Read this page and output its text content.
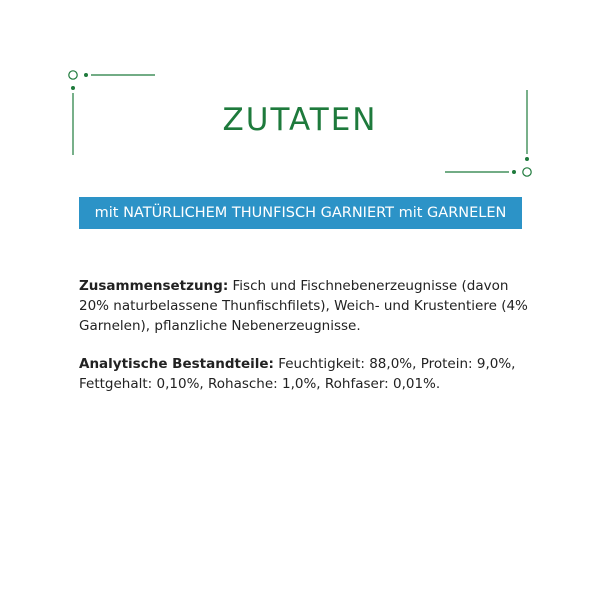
ZUTATEN
mit NATÜRLICHEM THUNFISCH GARNIERT mit GARNELEN

Zusammensetzung: Fisch und Fischnebenerzeugnisse (davon 20% naturbelassene Thunfischfilets), Weich- und Krustentiere (4% Garnelen), pflanzliche Nebenerzeugnisse.

Analytische Bestandteile: Feuchtigkeit: 88,0%, Protein: 9,0%, Fettgehalt: 0,10%, Rohasche: 1,0%, Rohfaser: 0,01%.
